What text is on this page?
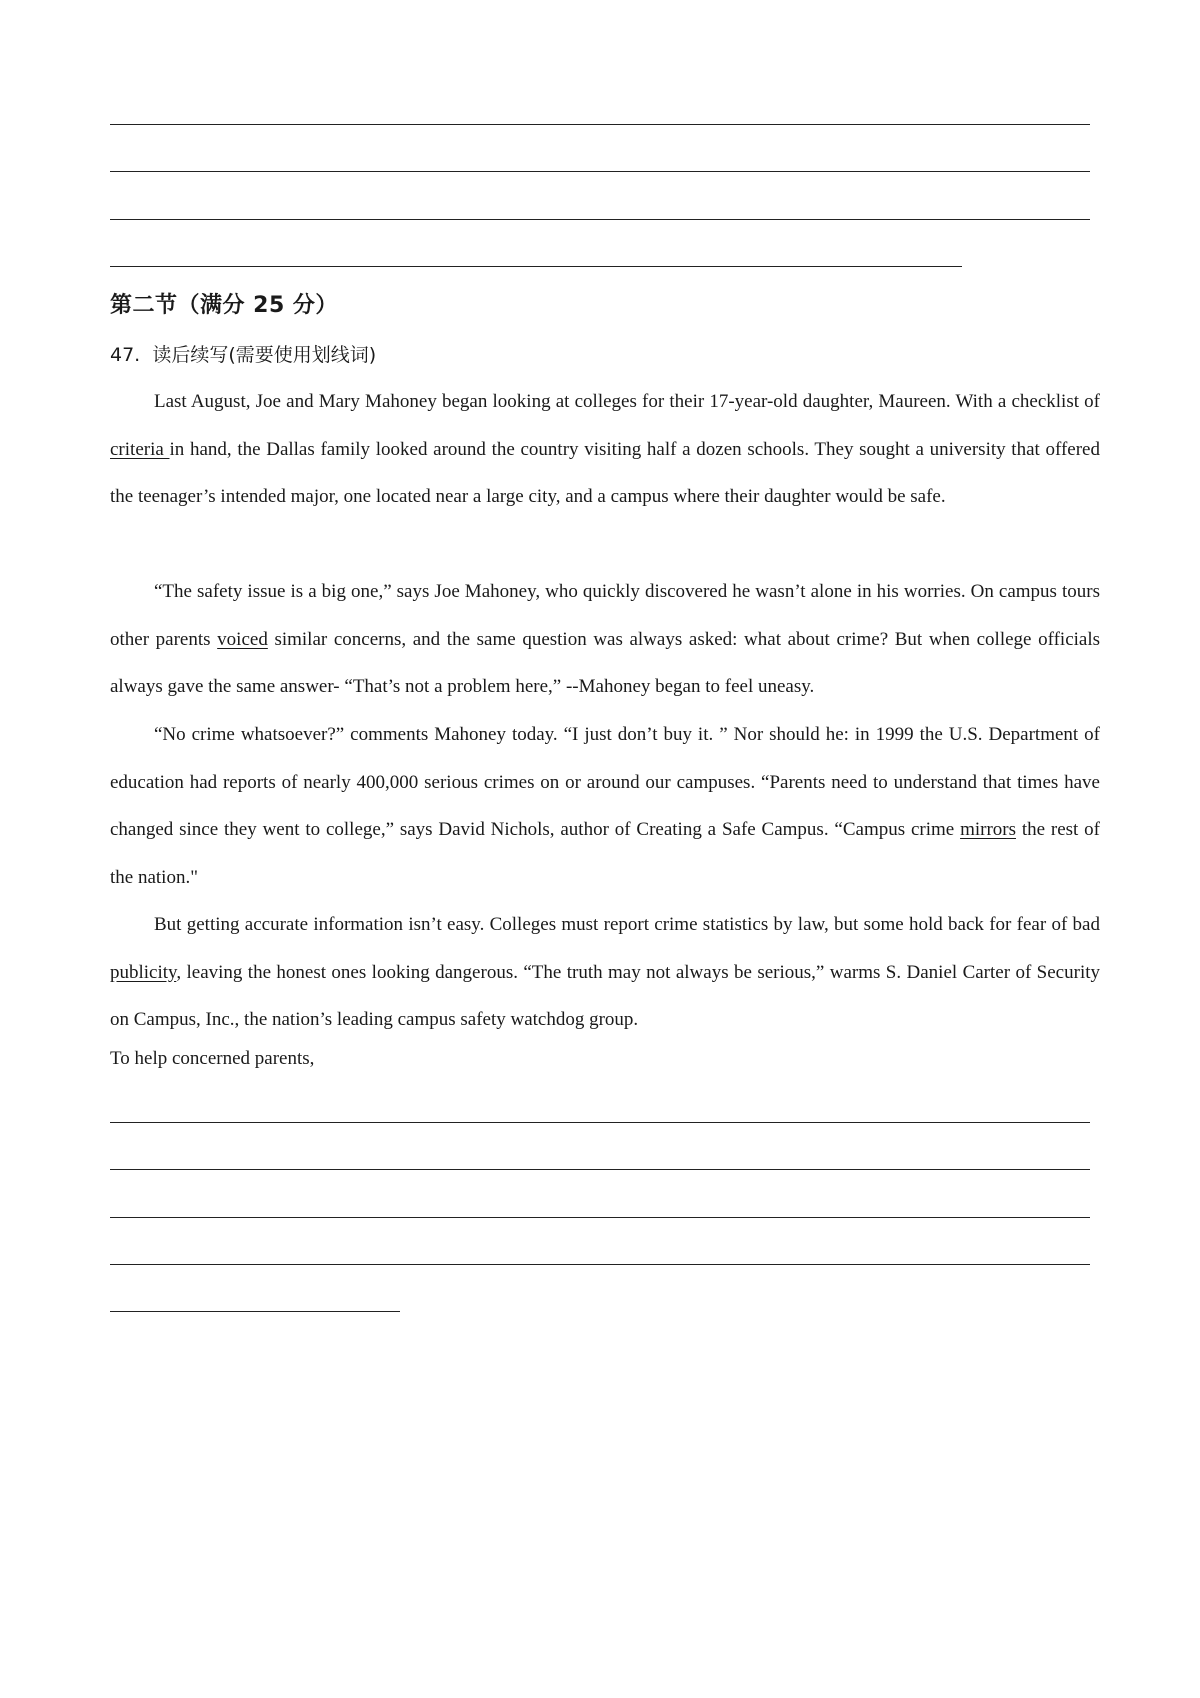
第二节（满分 25 分）
47. 读后续写(需要使用划线词)

Last August, Joe and Mary Mahoney began looking at colleges for their 17-year-old daughter, Maureen. With a checklist of criteria in hand, the Dallas family looked around the country visiting half a dozen schools. They sought a university that offered the teenager’s intended major, one located near a large city, and a campus where their daughter would be safe.

“The safety issue is a big one,” says Joe Mahoney, who quickly discovered he wasn’t alone in his worries. On campus tours other parents voiced similar concerns, and the same question was always asked: what about crime? But when college officials always gave the same answer- “That’s not a problem here,” --Mahoney began to feel uneasy.

“No crime whatsoever?” comments Mahoney today. “I just don’t buy it. ” Nor should he: in 1999 the U.S. Department of education had reports of nearly 400,000 serious crimes on or around our campuses. “Parents need to understand that times have changed since they went to college,” says David Nichols, author of Creating a Safe Campus. “Campus crime mirrors the rest of the nation."

But getting accurate information isn’t easy. Colleges must report crime statistics by law, but some hold back for fear of bad publicity, leaving the honest ones looking dangerous. “The truth may not always be serious,” warms S. Daniel Carter of Security on Campus, Inc., the nation’s leading campus safety watchdog group.

To help concerned parents,
